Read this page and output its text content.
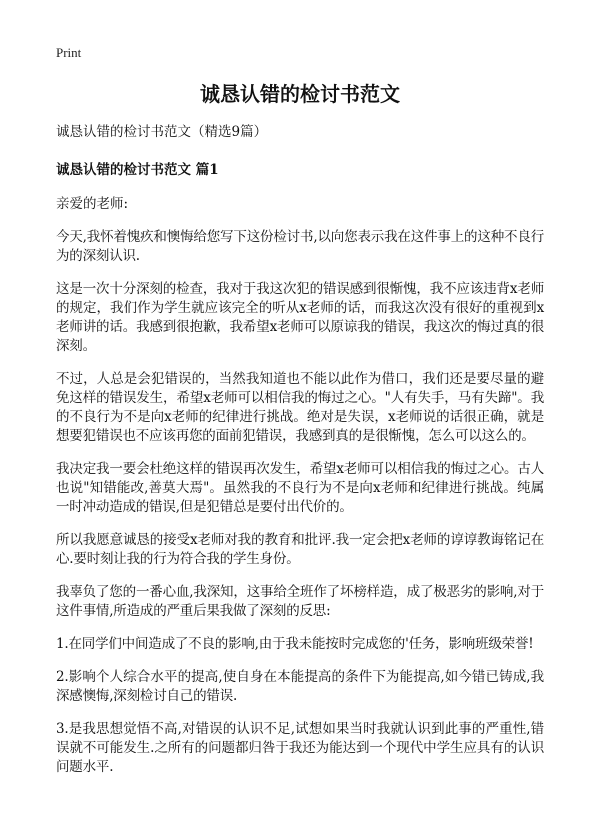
Print

诚恳认错的检讨书范文

诚恳认错的检讨书范文（精选9篇）

诚恳认错的检讨书范文 篇1

亲爱的老师:

今天,我怀着愧疚和懊悔给您写下这份检讨书,以向您表示我在这件事上的这种不良行为的深刻认识.

这是一次十分深刻的检查，我对于我这次犯的错误感到很惭愧，我不应该违背x老师的规定，我们作为学生就应该完全的听从x老师的话，而我这次没有很好的重视到x老师讲的话。我感到很抱歉，我希望x老师可以原谅我的错误，我这次的悔过真的很深刻。

不过，人总是会犯错误的，当然我知道也不能以此作为借口，我们还是要尽量的避免这样的错误发生，希望x老师可以相信我的悔过之心。"人有失手，马有失蹄"。我的不良行为不是向x老师的纪律进行挑战。绝对是失误，x老师说的话很正确，就是想要犯错误也不应该再您的面前犯错误，我感到真的是很惭愧，怎么可以这么的。

我决定我一要会杜绝这样的错误再次发生，希望x老师可以相信我的悔过之心。古人也说"知错能改,善莫大焉"。虽然我的不良行为不是向x老师和纪律进行挑战。纯属一时冲动造成的错误,但是犯错总是要付出代价的。

所以我愿意诚恳的接受x老师对我的教育和批评.我一定会把x老师的谆谆教诲铭记在心.要时刻让我的行为符合我的学生身份。

我辜负了您的一番心血,我深知，这事给全班作了坏榜样造，成了极恶劣的影响,对于这件事情,所造成的严重后果我做了深刻的反思:

1.在同学们中间造成了不良的影响,由于我未能按时完成您的'任务，影响班级荣誉!

2.影响个人综合水平的提高,使自身在本能提高的条件下为能提高,如今错已铸成,我深感懊悔,深刻检讨自己的错误.

3.是我思想觉悟不高,对错误的认识不足,试想如果当时我就认识到此事的严重性,错误就不可能发生.之所有的问题都归咎于我还为能达到一个现代中学生应具有的认识问题水平.
